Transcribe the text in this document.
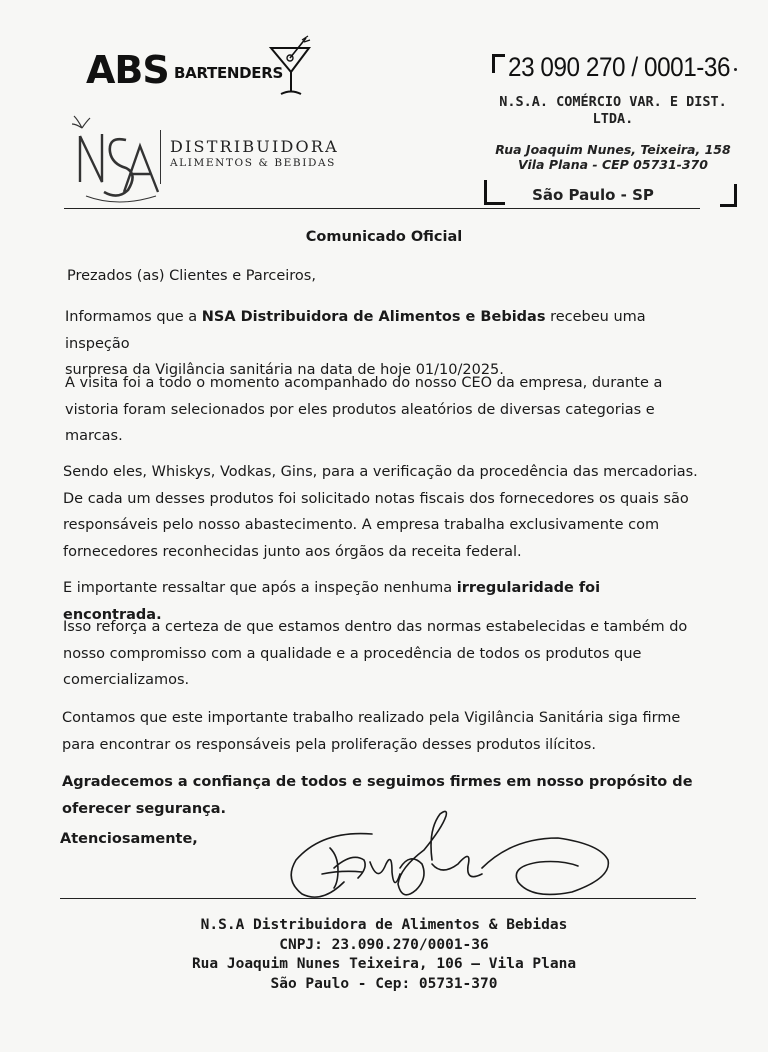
ABS BARTENDERS
DISTRIBUIDORA
ALIMENTOS & BEBIDAS
23 090 270 / 0001-36
N.S.A. COMÉRCIO VAR. E DIST.
LTDA.
Rua Joaquim Nunes, Teixeira, 158
Vila Plana - CEP 05731-370
São Paulo - SP
Comunicado Oficial
Prezados (as) Clientes e Parceiros,
Informamos que a NSA Distribuidora de Alimentos e Bebidas recebeu uma inspeção
surpresa da Vigilância sanitária na data de hoje 01/10/2025.
A visita foi a todo o momento acompanhado do nosso CEO da empresa, durante a
vistoria foram selecionados por eles produtos aleatórios de diversas categorias e
marcas.
Sendo eles, Whiskys, Vodkas, Gins, para a verificação da procedência das mercadorias.
De cada um desses produtos foi solicitado notas fiscais dos fornecedores os quais são
responsáveis pelo nosso abastecimento. A empresa trabalha exclusivamente com
fornecedores reconhecidas junto aos órgãos da receita federal.
E importante ressaltar que após a inspeção nenhuma irregularidade foi encontrada.
Isso reforça a certeza de que estamos dentro das normas estabelecidas e também do
nosso compromisso com a qualidade e a procedência de todos os produtos que
comercializamos.
Contamos que este importante trabalho realizado pela Vigilância Sanitária siga firme
para encontrar os responsáveis pela proliferação desses produtos ilícitos.
Agradecemos a confiança de todos e seguimos firmes em nosso propósito de
oferecer segurança.
Atenciosamente,
N.S.A Distribuidora de Alimentos & Bebidas
CNPJ: 23.090.270/0001-36
Rua Joaquim Nunes Teixeira, 106 – Vila Plana
São Paulo - Cep: 05731-370
